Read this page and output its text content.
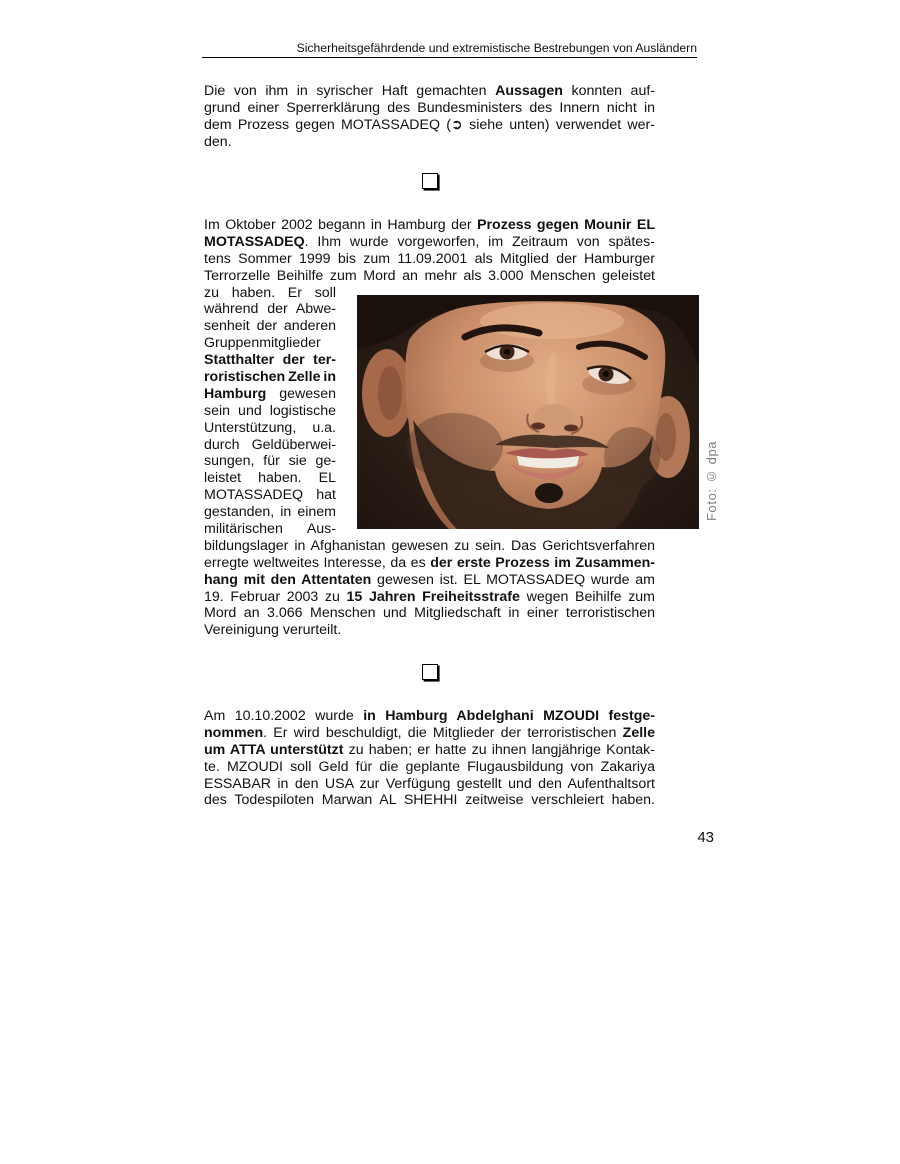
Sicherheitsgefährdende und extremistische Bestrebungen von Ausländern
Die von ihm in syrischer Haft gemachten Aussagen konnten auf-
grund einer Sperrerklärung des Bundesministers des Innern nicht in
dem Prozess gegen MOTASSADEQ (➲ siehe unten) verwendet wer-
den.
Im Oktober 2002 begann in Hamburg der Prozess gegen Mounir EL
MOTASSADEQ. Ihm wurde vorgeworfen, im Zeitraum von spätes-
tens Sommer 1999 bis zum 11.09.2001 als Mitglied der Hamburger
Terrorzelle Beihilfe zum Mord an mehr als 3.000 Menschen geleistet
zu haben. Er soll
während der Abwe-
senheit der anderen
Gruppenmitglieder
Statthalter der ter-
roristischen Zelle in
Hamburg gewesen
sein und logistische
Unterstützung, u.a.
durch Geldüberwei-
sungen, für sie ge-
leistet haben. EL
MOTASSADEQ hat
gestanden, in einem
militärischen Aus-
bildungslager in Afghanistan gewesen zu sein. Das Gerichtsverfahren
erregte weltweites Interesse, da es der erste Prozess im Zusammen-
hang mit den Attentaten gewesen ist. EL MOTASSADEQ wurde am
19. Februar 2003 zu 15 Jahren Freiheitsstrafe wegen Beihilfe zum
Mord an 3.066 Menschen und Mitgliedschaft in einer terroristischen
Vereinigung verurteilt.
Am 10.10.2002 wurde in Hamburg Abdelghani MZOUDI festge-
nommen. Er wird beschuldigt, die Mitglieder der terroristischen Zelle
um ATTA unterstützt zu haben; er hatte zu ihnen langjährige Kontak-
te. MZOUDI soll Geld für die geplante Flugausbildung von Zakariya
ESSABAR in den USA zur Verfügung gestellt und den Aufenthaltsort
des Todespiloten Marwan AL SHEHHI zeitweise verschleiert haben.
Foto: © dpa
43
